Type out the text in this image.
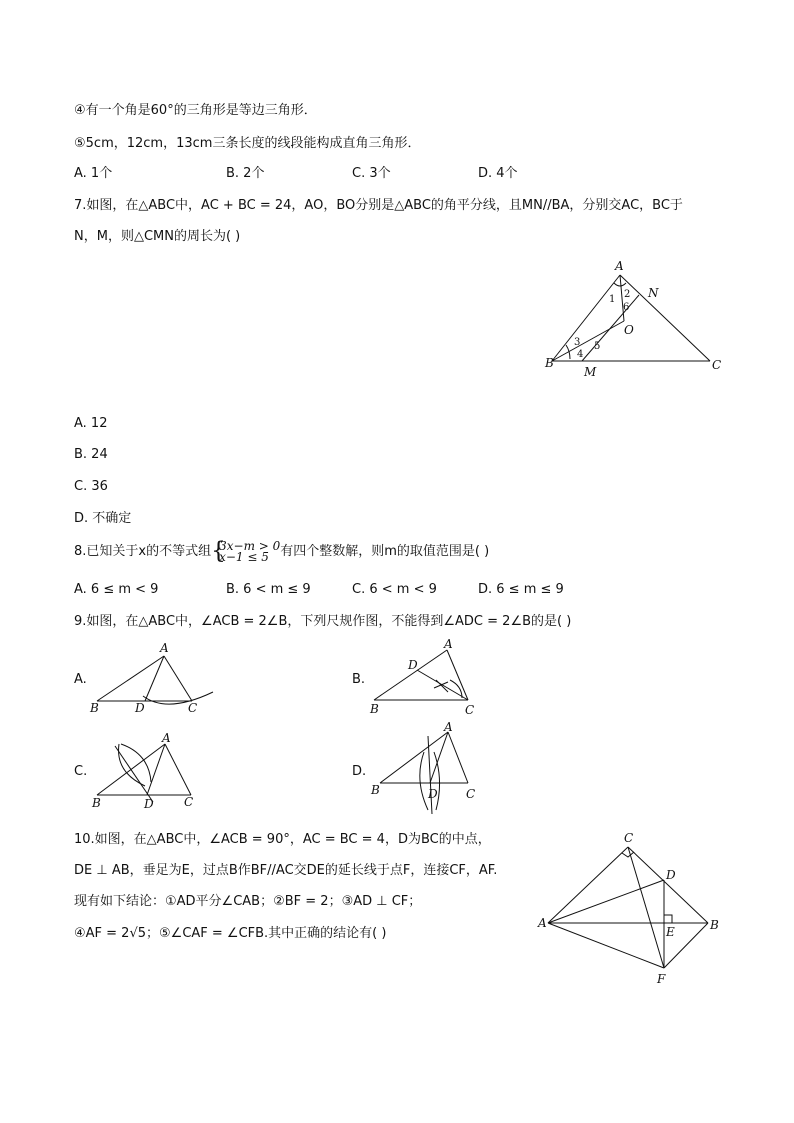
④有一个角是60°的三角形是等边三角形．
⑤5cm，12cm，13cm三条长度的线段能构成直角三角形．
A. 1个	B. 2个	C. 3个	D. 4个
7.如图，在△ABC中，AC + BC = 24，AO，BO分别是△ABC的角平分线，且MN//BA，分别交AC，BC于
N，M，则△CMN的周长为( )
A
N
O
B
M	C
1 2
6
3
4
5
A. 12
B. 24
C. 36
D. 不确定
8.已知关于x的不等式组 {
3x−m > 0
x−1 ≤ 5 有四个整数解，则m的取值范围是( )
A. 6 ≤ m < 9	B. 6 < m ≤ 9	C. 6 < m < 9	D. 6 ≤ m ≤ 9
9.如图，在△ABC中，∠ACB = 2∠B，下列尺规作图，不能得到∠ADC = 2∠B的是( )
A.
A
B	D	C
B.
A
D
B	C
C.
A
B	D	C
D.
A
B	D C
10.如图，在△ABC中，∠ACB = 90°，AC = BC = 4，D为BC的中点，
DE ⊥ AB，垂足为E，过点B作BF//AC交DE的延长线于点F，连接CF，AF.
现有如下结论：①AD平分∠CAB；②BF = 2；③AD ⊥ CF；
④AF = 2√5；⑤∠CAF = ∠CFB.其中正确的结论有( )
C
D
A
E	B
F
